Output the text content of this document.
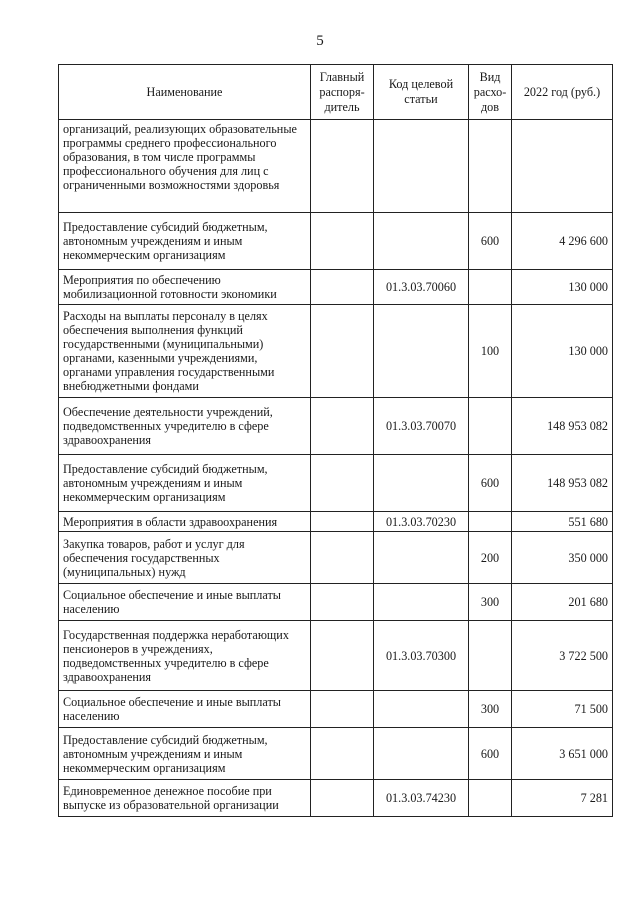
5
Наименование	Главный распоря-дитель	Код целевой статьи	Вид расхо-дов	2022 год (руб.)
организаций, реализующих образовательные программы среднего профессионального образования, в том числе программы профессионального обучения для лиц с ограниченными возможностями здоровья				
Предоставление субсидий бюджетным, автономным учреждениям и иным некоммерческим организациям			600	4 296 600
Мероприятия по обеспечению мобилизационной готовности экономики		01.3.03.70060		130 000
Расходы на выплаты персоналу в целях обеспечения выполнения функций государственными (муниципальными) органами, казенными учреждениями, органами управления государственными внебюджетными фондами			100	130 000
Обеспечение деятельности учреждений, подведомственных учредителю в сфере здравоохранения		01.3.03.70070		148 953 082
Предоставление субсидий бюджетным, автономным учреждениям и иным некоммерческим организациям			600	148 953 082
Мероприятия в области здравоохранения		01.3.03.70230		551 680
Закупка товаров, работ и услуг для обеспечения государственных (муниципальных) нужд			200	350 000
Социальное обеспечение и иные выплаты населению			300	201 680
Государственная поддержка неработающих пенсионеров в учреждениях, подведомственных учредителю в сфере здравоохранения		01.3.03.70300		3 722 500
Социальное обеспечение и иные выплаты населению			300	71 500
Предоставление субсидий бюджетным, автономным учреждениям и иным некоммерческим организациям			600	3 651 000
Единовременное денежное пособие при выпуске из образовательной организации		01.3.03.74230		7 281
